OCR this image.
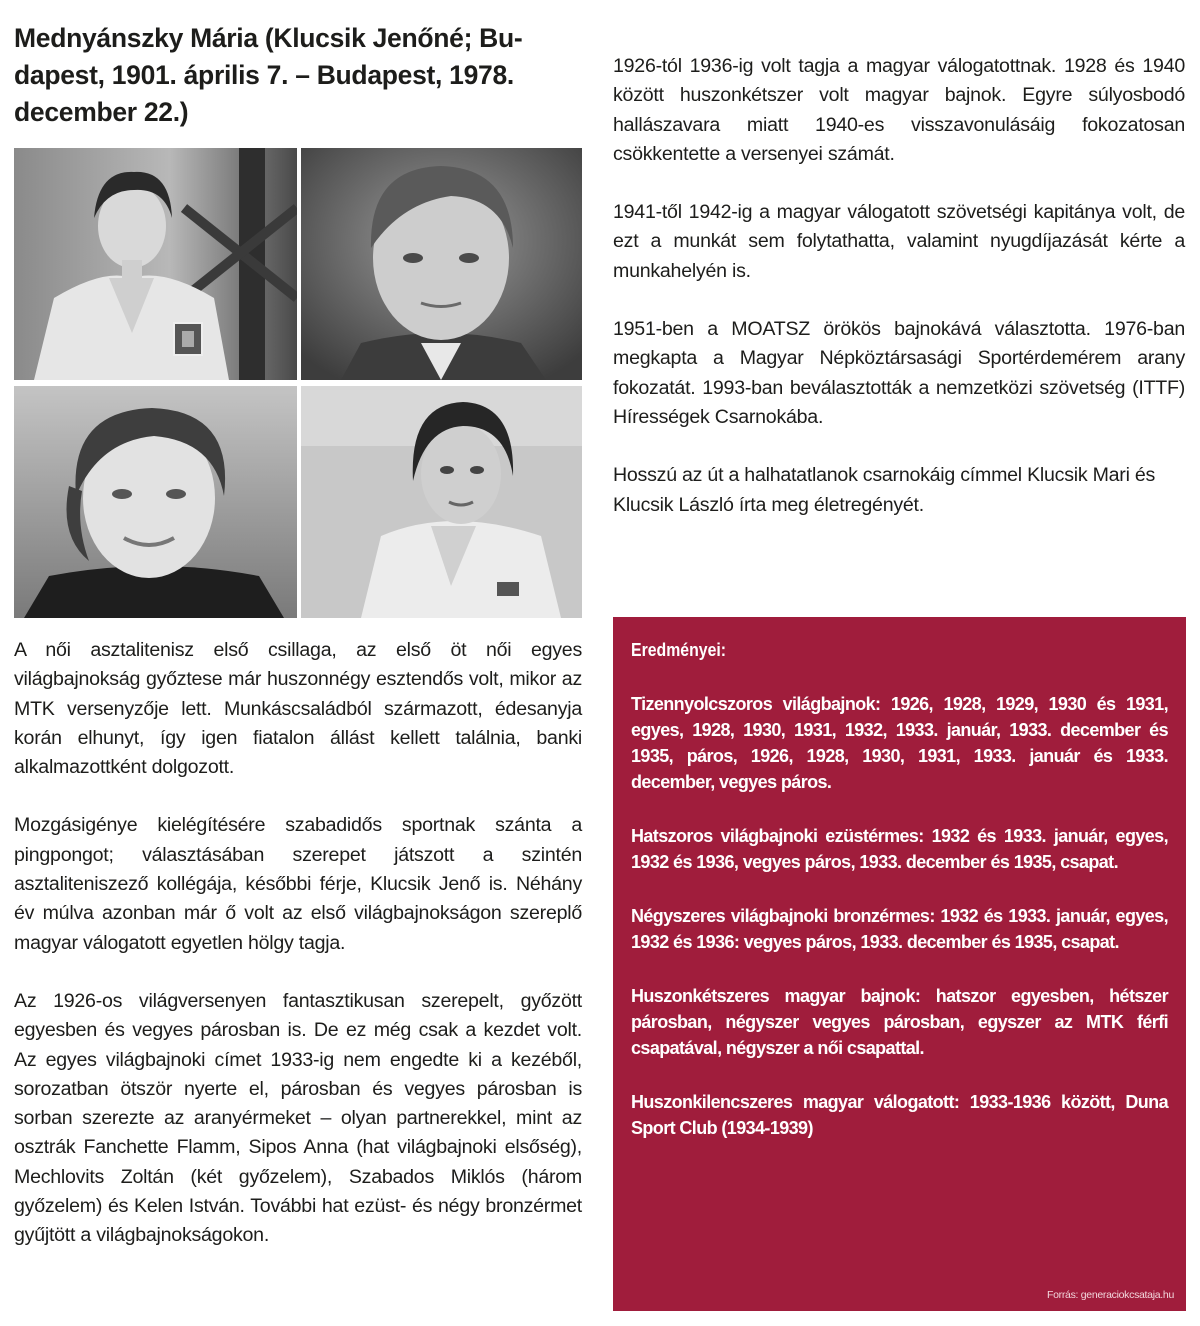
Mednyánszky Mária (Klucsik Jenőné; Bu-
dapest, 1901. április 7. – Budapest, 1978.
december 22.)

A női asztalitenisz első csillaga, az első öt női egyes világbajnokság győztese már huszonnégy esztendős volt, mikor az MTK versenyzője lett. Munkáscsaládból származott, édesanyja korán elhunyt, így igen fiatalon állást kellett találnia, banki alkalmazottként dolgozott.

Mozgásigénye kielégítésére szabadidős sportnak szánta a pingpongot; választásában szerepet játszott a szintén asztaliteniszező kollégája, későbbi férje, Klucsik Jenő is. Néhány év múlva azonban már ő volt az első világbajnokságon szereplő magyar válogatott egyetlen hölgy tagja.

Az 1926-os világversenyen fantasztikusan szerepelt, győzött egyesben és vegyes párosban is. De ez még csak a kezdet volt. Az egyes világbajnoki címet 1933-ig nem engedte ki a kezéből, sorozatban ötször nyerte el, párosban és vegyes párosban is sorban szerezte az aranyérmeket – olyan partnerekkel, mint az osztrák Fanchette Flamm, Sipos Anna (hat világbajnoki elsőség), Mechlovits Zoltán (két győzelem), Szabados Miklós (három győzelem) és Kelen István. További hat ezüst- és négy bronzérmet gyűjtött a világbajnokságokon.

1926-tól 1936-ig volt tagja a magyar válogatottnak. 1928 és 1940 között huszonkétszer volt magyar bajnok. Egyre súlyosbodó hallászavara miatt 1940-es visszavonulásáig fokozatosan csökkentette a versenyei számát.

1941-től 1942-ig a magyar válogatott szövetségi kapitánya volt, de ezt a munkát sem folytathatta, valamint nyugdíjazását kérte a munkahelyén is.

1951-ben a MOATSZ örökös bajnokává választotta. 1976-ban megkapta a Magyar Népköztársasági Sportérdemérem arany fokozatát. 1993-ban beválasztották a nemzetközi szövetség (ITTF) Hírességek Csarnokába.

Hosszú az út a halhatatlanok csarnokáig címmel Klucsik Mari és Klucsik László írta meg életregényét.

Eredményei:
Tizennyolcszoros világbajnok: 1926, 1928, 1929, 1930 és 1931, egyes, 1928, 1930, 1931, 1932, 1933. január, 1933. december és 1935, páros, 1926, 1928, 1930, 1931, 1933. január és 1933. december, vegyes páros.
Hatszoros világbajnoki ezüstérmes: 1932 és 1933. január, egyes, 1932 és 1936, vegyes páros, 1933. december és 1935, csapat.
Négyszeres világbajnoki bronzérmes: 1932 és 1933. január, egyes, 1932 és 1936: vegyes páros, 1933. december és 1935, csapat.
Huszonkétszeres magyar bajnok: hatszor egyesben, hétszer párosban, négyszer vegyes párosban, egyszer az MTK férfi csapatával, négyszer a női csapattal.
Huszonkilencszeres magyar válogatott: 1933-1936 között, Duna Sport Club (1934-1939)
Forrás: generaciokcsataja.hu
